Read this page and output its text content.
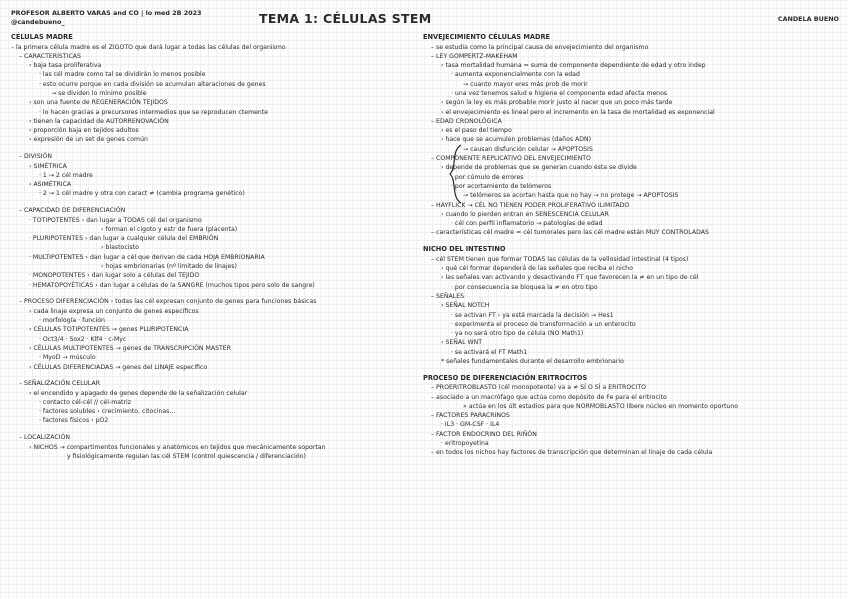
PROFESOR ALBERTO VARAS and CO | lo med 2B 2023
@candebueno_	TEMA 1: CÉLULAS STEM	CANDELA BUENO
CÉLULAS MADRE
– la primera célula madre es el ZIGOTO que dará lugar a todas las células del organismo
– CARACTERÍSTICAS
› baja tasa proliferativa
· las cél madre como tal se dividirán lo menos posible
· esto ocurre porque en cada división se acumulan alteraciones de genes
→ se dividen lo mínimo posible
› son una fuente de REGENERACIÓN TEJIDOS
· lo hacen gracias a precursores intermedios que se reproducen ctemente
› tienen la capacidad de AUTORRENOVACIÓN
› proporción baja en tejidos adultos
› expresión de un set de genes común
– DIVISIÓN
› SIMÉTRICA
· 1 → 2 cél madre
› ASIMÉTRICA
· 2 → 1 cél madre y otra con caract ≠ (cambia programa genético)
– CAPACIDAD DE DIFERENCIACIÓN
· TOTIPOTENTES › dan lugar a TODAS cél del organismo
› forman el cigoto y estr de fuera (placenta)
· PLURIPOTENTES › dan lugar a cualquier célula del EMBRIÓN
› blastocisto
· MULTIPOTENTES › dan lugar a cél que derivan de cada HOJA EMBRIONARIA
› hojas embrionarias (nº limitado de linajes)
· MONOPOTENTES › dan lugar solo a células del TEJIDO
· HEMATOPOYÉTICAS › dan lugar a células de la SANGRE (muchos tipos pero solo de sangre)
– PROCESO DIFERENCIACIÓN › todas las cél expresan conjunto de genes para funciones básicas
› cada linaje expresa un conjunto de genes específicos
· morfología · función
› CÉLULAS TOTIPOTENTES → genes PLURIPOTENCIA
· Oct3/4 · Sox2 · Klf4 · c-Myc
› CÉLULAS MULTIPOTENTES → genes de TRANSCRIPCIÓN MASTER
· MyoD → músculo
› CÉLULAS DIFERENCIADAS → genes del LINAJE específico
– SEÑALIZACIÓN CELULAR
› el encendido y apagado de genes depende de la señalización celular
· contacto cél-cél // cél-matriz
· factores solubles › crecimiento, citocinas...
· factores físicos › pO2
– LOCALIZACIÓN
› NICHOS → compartimentos funcionales y anatómicos en tejidos que mecánicamente soportan
y fisiológicamente regulan las cél STEM (control quiescencia / diferenciación)
ENVEJECIMIENTO CÉLULAS MADRE
– se estudia como la principal causa de envejecimiento del organismo
– LEY GOMPERTZ-MAKEHAM
› tasa mortalidad humana = suma de componente dependiente de edad y otro indep
· aumenta exponencialmente con la edad
→ cuanto mayor eres más prob de morir
· una vez tenemos salud e higiene el componente edad afecta menos
› según la ley es más probable morir justo al nacer que un poco más tarde
› el envejecimiento es lineal pero el incremento en la tasa de mortalidad es exponencial
– EDAD CRONOLÓGICA
› es el paso del tiempo
› hace que se acumulen problemas (daños ADN)
→ causan disfunción celular → APOPTOSIS
– COMPONENTE REPLICATIVO DEL ENVEJECIMIENTO
› depende de problemas que se generan cuando ésta se divide
· por cúmulo de errores
· por acortamiento de telómeros
→ telómeros se acortan hasta que no hay → no protege → APOPTOSIS
– HAYFLICK → CÉL NO TIENEN PODER PROLIFERATIVO ILIMITADO
› cuando lo pierden entran en SENESCENCIA CELULAR
· cél con perfil inflamatorio → patologías de edad
– características cél madre = cél tumorales pero las cél madre están MUY CONTROLADAS
NICHO DEL INTESTINO
– cél STEM tienen que formar TODAS las células de la vellosidad intestinal (4 tipos)
› qué cél formar dependerá de las señales que reciba el nicho
› las señales van activando y desactivando FT que favorecen la ≠ en un tipo de cél
· por consecuencia se bloquea la ≠ en otro tipo
– SEÑALES
› SEÑAL NOTCH
· se activan FT › ya está marcada la decisión → Hes1
· experimenta el proceso de transformación a un enterocito
· ya no será otro tipo de célula (NO Math1)
› SEÑAL WNT
· se activará el FT Math1
* señales fundamentales durante el desarrollo embrionario
PROCESO DE DIFERENCIACIÓN ERITROCITOS
– PROERITROBLASTO (cél monopotente) va a ≠ SÍ O SÍ a ERITROCITO
– asociado a un macrófago que actúa como depósito de Fe para el eritrocito
» actúa en los últ estadios para que NORMOBLASTO libere núcleo en momento oportuno
– FACTORES PARACRINOS
· IL3 · GM-CSF · IL4
– FACTOR ENDOCRINO DEL RIÑÓN
· eritropoyetina
– en todos los nichos hay factores de transcripción que determinan el linaje de cada célula
